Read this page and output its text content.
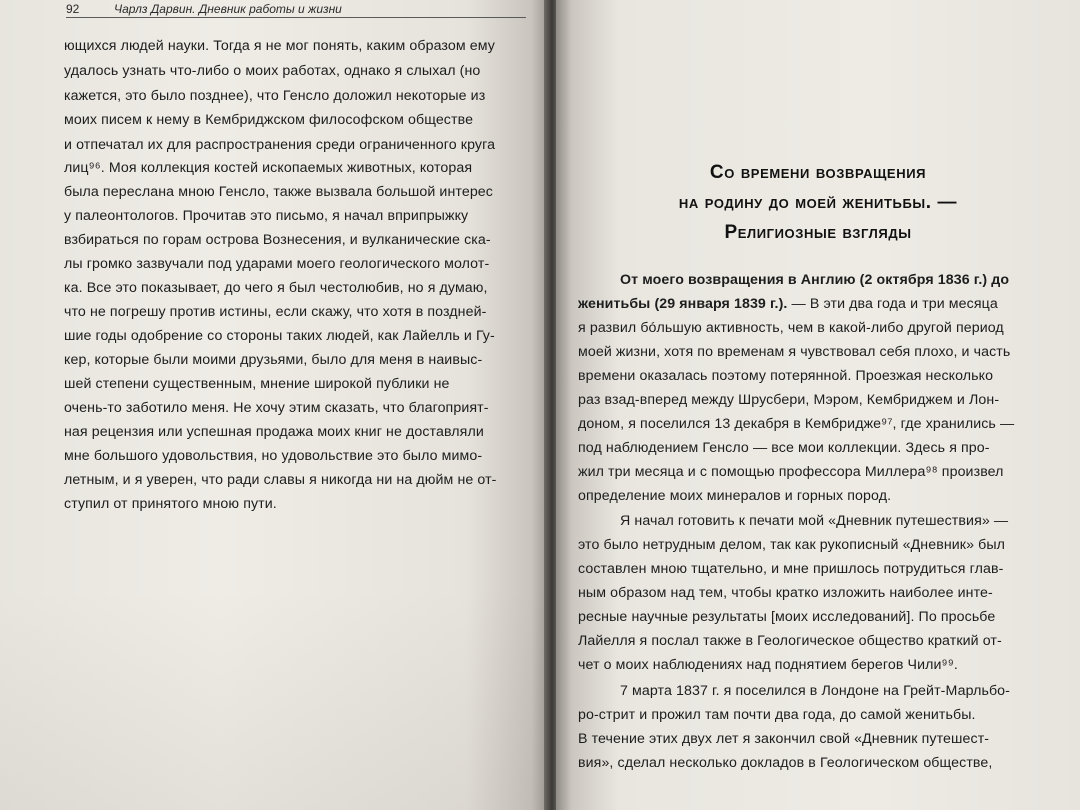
92	Чарлз Дарвин. Дневник работы и жизни
ющихся людей науки. Тогда я не мог понять, каким образом ему
удалось узнать что-либо о моих работах, однако я слыхал (но
кажется, это было позднее), что Генсло доложил некоторые из
моих писем к нему в Кембриджском философском обществе
и отпечатал их для распространения среди ограниченного круга
лиц⁹⁶. Моя коллекция костей ископаемых животных, которая
была переслана мною Генсло, также вызвала большой интерес
у палеонтологов. Прочитав это письмо, я начал вприпрыжку
взбираться по горам острова Вознесения, и вулканические ска-
лы громко зазвучали под ударами моего геологического молот-
ка. Все это показывает, до чего я был честолюбив, но я думаю,
что не погрешу против истины, если скажу, что хотя в поздней-
шие годы одобрение со стороны таких людей, как Лайелль и Гу-
кер, которые были моими друзьями, было для меня в наивыс-
шей степени существенным, мнение широкой публики не
очень-то заботило меня. Не хочу этим сказать, что благоприят-
ная рецензия или успешная продажа моих книг не доставляли
мне большого удовольствия, но удовольствие это было мимо-
летным, и я уверен, что ради славы я никогда ни на дюйм не от-
ступил от принятого мною пути.
Со времени возвращения
на родину до моей женитьбы. —
Религиозные взгляды
От моего возвращения в Англию (2 октября 1836 г.) до
женитьбы (29 января 1839 г.). — В эти два года и три месяца
я развил бóльшую активность, чем в какой-либо другой период
моей жизни, хотя по временам я чувствовал себя плохо, и часть
времени оказалась поэтому потерянной. Проезжая несколько
раз взад-вперед между Шрусбери, Мэром, Кембриджем и Лон-
доном, я поселился 13 декабря в Кембридже⁹⁷, где хранились —
под наблюдением Генсло — все мои коллекции. Здесь я про-
жил три месяца и с помощью профессора Миллера⁹⁸ произвел
определение моих минералов и горных пород.
Я начал готовить к печати мой «Дневник путешествия» —
это было нетрудным делом, так как рукописный «Дневник» был
составлен мною тщательно, и мне пришлось потрудиться глав-
ным образом над тем, чтобы кратко изложить наиболее инте-
ресные научные результаты [моих исследований]. По просьбе
Лайелля я послал также в Геологическое общество краткий от-
чет о моих наблюдениях над поднятием берегов Чили⁹⁹.
7 марта 1837 г. я поселился в Лондоне на Грейт-Марльбо-
ро-стрит и прожил там почти два года, до самой женитьбы.
В течение этих двух лет я закончил свой «Дневник путешест-
вия», сделал несколько докладов в Геологическом обществе,
